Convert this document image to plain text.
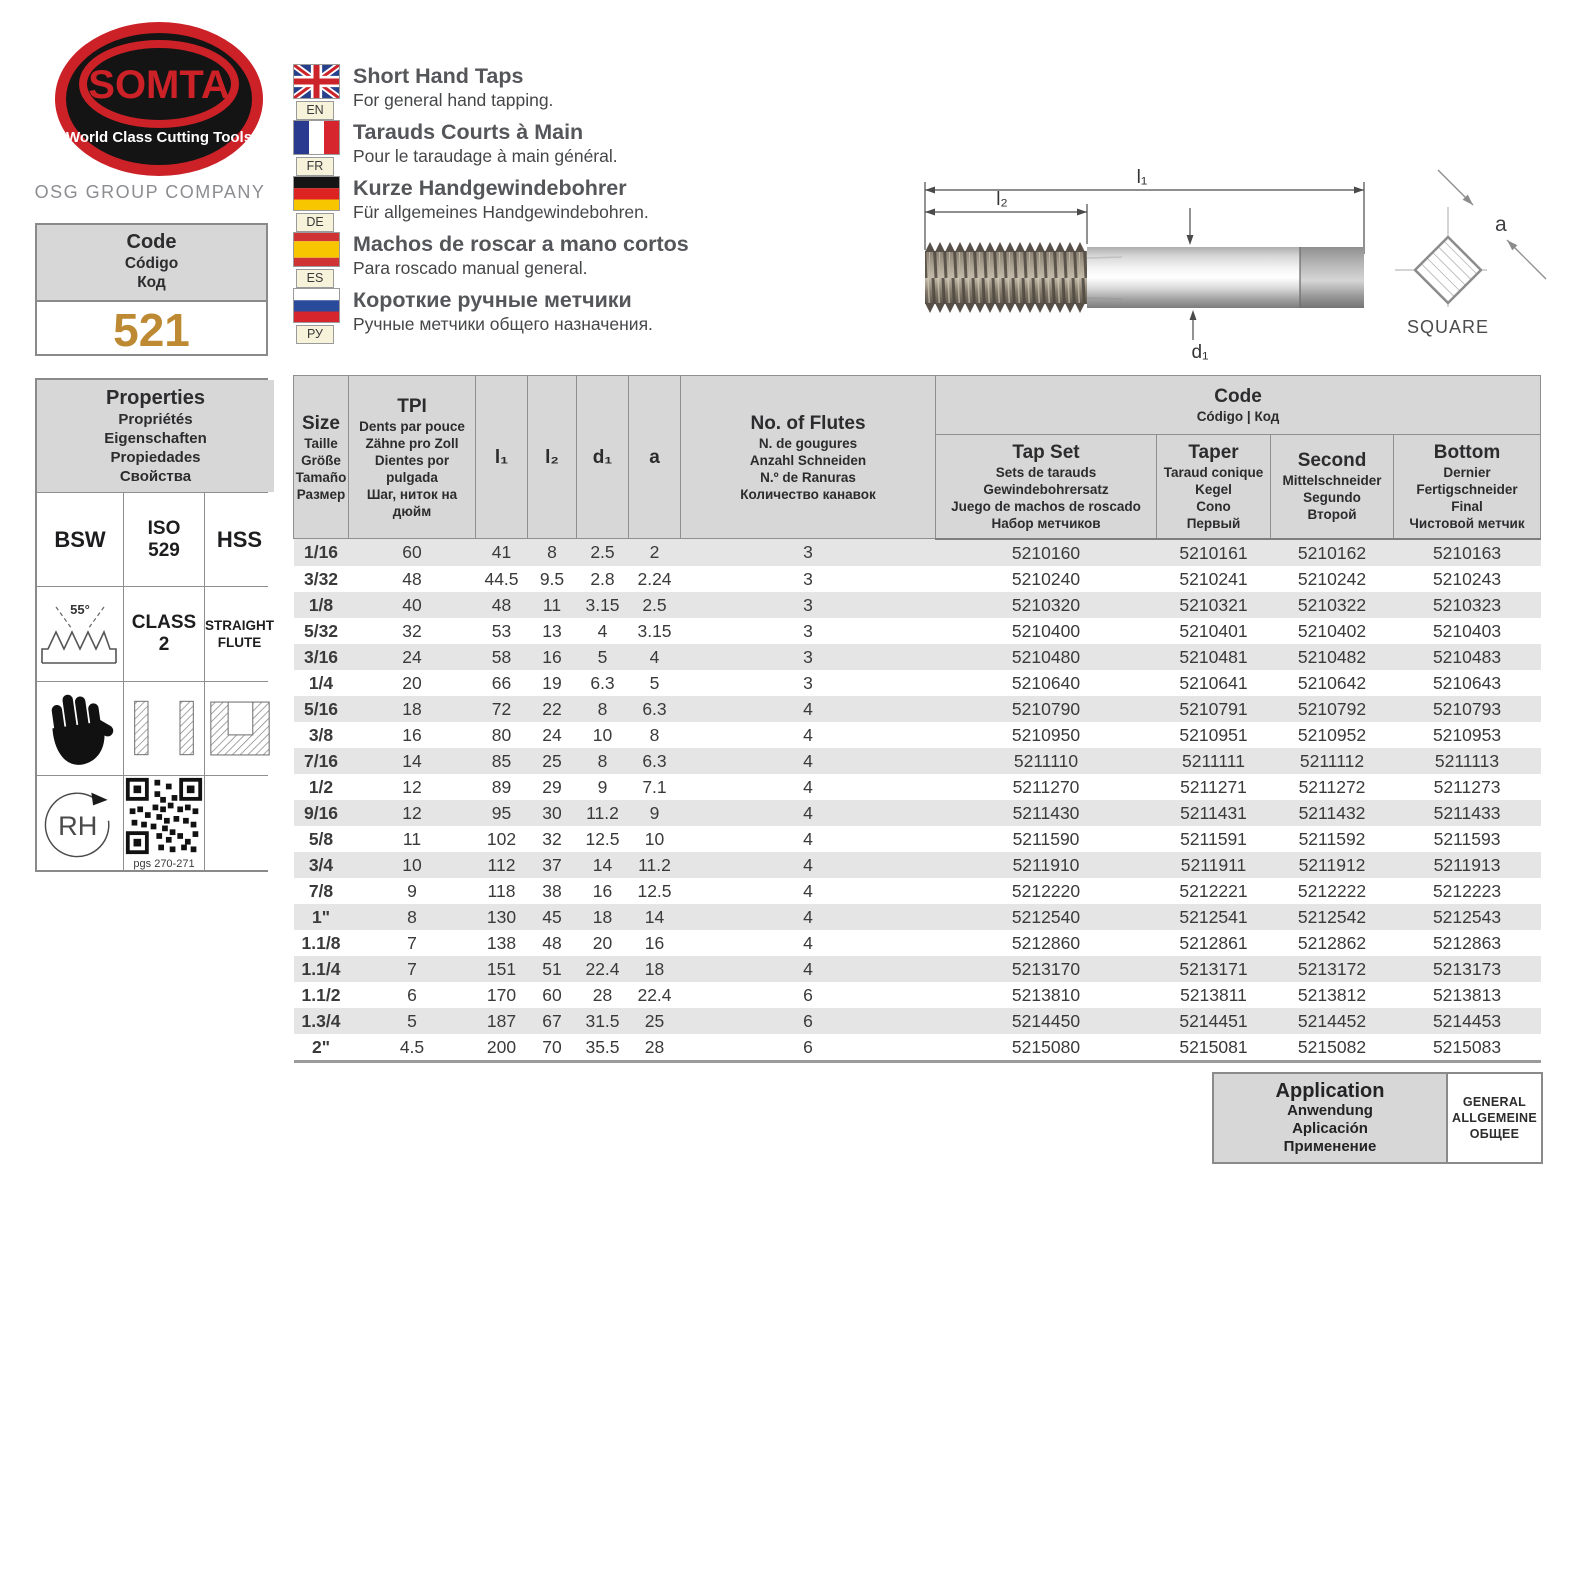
SOMTA
World Class Cutting Tools
OSG GROUP COMPANY
Code
Código
Код
521
EN
Short Hand Taps
For general hand tapping.
FR
Tarauds Courts à Main
Pour le taraudage à main général.
DE
Kurze Handgewindebohrer
Für allgemeines Handgewindebohren.
ES
Machos de roscar a mano cortos
Para roscado manual general.
РУ
Короткие ручные метчики
Ручные метчики общего назначения.
l₁
l₂
d₁
a
SQUARE
Properties
Propriétés
Eigenschaften
Propiedades
Свойства
BSW ISO
529 HSS
55°
CLASS
2
STRAIGHT
FLUTE
RH
pgs 270-271
Size
Taille
Größe
Tamaño
Размер

TPI
Dents par pouce
Zähne pro Zoll
Dientes por pulgada
Шаг, ниток на дюйм

l₁	l₂	d₁	a

No. of Flutes
N. de gougures
Anzahl Schneiden
N.º de Ranuras
Количество канавок

Code
Código | Код

Tap Set
Sets de tarauds
Gewindebohrersatz
Juego de machos de roscado
Набор метчиков

Taper
Taraud conique
Kegel
Cono
Первый

Second
Mittelschneider
Segundo
Второй

Bottom
Dernier
Fertigschneider
Final
Чистовой метчик

1/16	60	41	8	2.5	2	3	5210160	5210161	5210162	5210163
3/32	48	44.5	9.5	2.8	2.24	3	5210240	5210241	5210242	5210243
1/8	40	48	11	3.15	2.5	3	5210320	5210321	5210322	5210323
5/32	32	53	13	4	3.15	3	5210400	5210401	5210402	5210403
3/16	24	58	16	5	4	3	5210480	5210481	5210482	5210483
1/4	20	66	19	6.3	5	3	5210640	5210641	5210642	5210643
5/16	18	72	22	8	6.3	4	5210790	5210791	5210792	5210793
3/8	16	80	24	10	8	4	5210950	5210951	5210952	5210953
7/16	14	85	25	8	6.3	4	5211110	5211111	5211112	5211113
1/2	12	89	29	9	7.1	4	5211270	5211271	5211272	5211273
9/16	12	95	30	11.2	9	4	5211430	5211431	5211432	5211433
5/8	11	102	32	12.5	10	4	5211590	5211591	5211592	5211593
3/4	10	112	37	14	11.2	4	5211910	5211911	5211912	5211913
7/8	9	118	38	16	12.5	4	5212220	5212221	5212222	5212223
1"	8	130	45	18	14	4	5212540	5212541	5212542	5212543
1.1/8	7	138	48	20	16	4	5212860	5212861	5212862	5212863
1.1/4	7	151	51	22.4	18	4	5213170	5213171	5213172	5213173
1.1/2	6	170	60	28	22.4	6	5213810	5213811	5213812	5213813
1.3/4	5	187	67	31.5	25	6	5214450	5214451	5214452	5214453
2"	4.5	200	70	35.5	28	6	5215080	5215081	5215082	5215083
Application
Anwendung
Aplicación
Применение
GENERAL
ALLGEMEINE
ОБЩЕЕ
